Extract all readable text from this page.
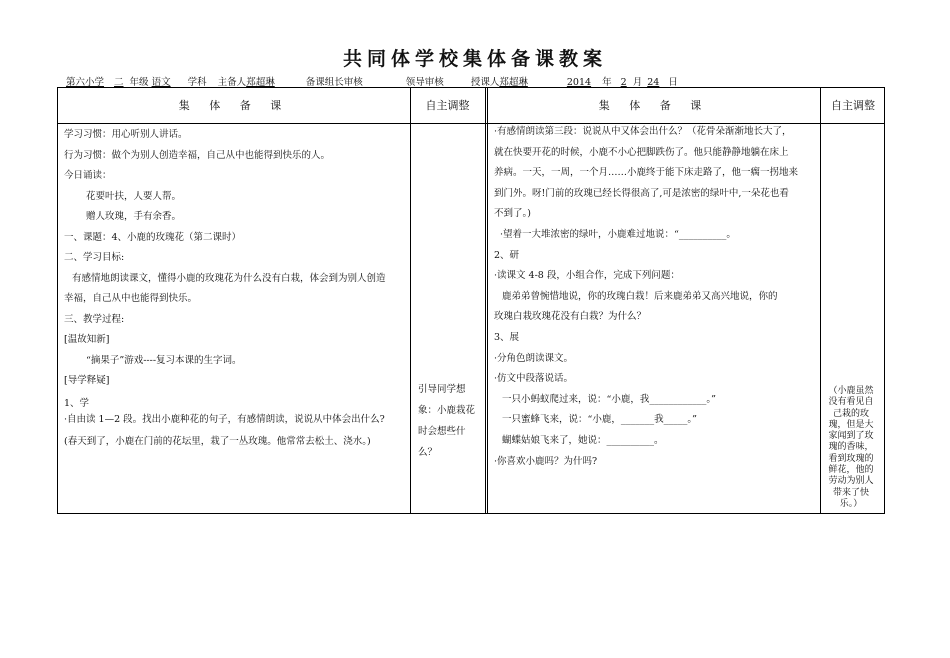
共同体学校集体备课教案
第六小学 二 年级 语文 学科 主备人郑超琳	备课组长审核	领导审核	授课人郑超琳	2014 年 2 月 24 日
集 体 备 课	自主调整	集 体 备 课	自主调整

学习习惯：用心听别人讲话。

行为习惯：做个为别人创造幸福，自己从中也能得到快乐的人。

今日诵读：

花要叶扶，人要人帮。

赠人玫瑰，手有余香。

一、课题：4、小鹿的玫瑰花（第二课时）

二、学习目标:

有感情地朗读课文，懂得小鹿的玫瑰花为什么没有白栽，体会到为别人创造

幸福，自己从中也能得到快乐。

三、教学过程:

[温故知新]

“摘果子”游戏----复习本课的生字词。

[导学释疑]

1、学

·自由读 1—2 段。找出小鹿种花的句子，有感情朗读，说说从中体会出什么?

(春天到了，小鹿在门前的花坛里，栽了一丛玫瑰。他常常去松土、浇水。)

引导同学想象：小鹿栽花时会想些什么？

·有感情朗读第三段：说说从中又体会出什么？（花骨朵渐渐地长大了，

就在快要开花的时候，小鹿不小心把脚跌伤了。他只能静静地躺在床上

养病。一天，一周，一个月……小鹿终于能下床走路了，他一瘸一拐地来

到门外。呀!门前的玫瑰已经长得很高了,可是浓密的绿叶中,一朵花也看

不到了。)

·望着一大堆浓密的绿叶，小鹿难过地说：“__________。

2、研

·读课文 4-8 段，小组合作，完成下列问题：

鹿弟弟曾惋惜地说，你的玫瑰白栽！后来鹿弟弟又高兴地说，你的

玫瑰白栽玫瑰花没有白栽？为什么？

3、展

·分角色朗读课文。

·仿文中段落说话。

一只小蚂蚁爬过来，说：“小鹿，我____________。”

一只蜜蜂飞来，说：“小鹿，_______我_____。”

蝴蝶姑娘飞来了，她说：__________。

·你喜欢小鹿吗？为什吗?

（小鹿虽然没有看见自己栽的玫瑰，但是大家闻到了玫瑰的香味，看到玫瑰的鲜花，他的劳动为别人带来了快乐。）
